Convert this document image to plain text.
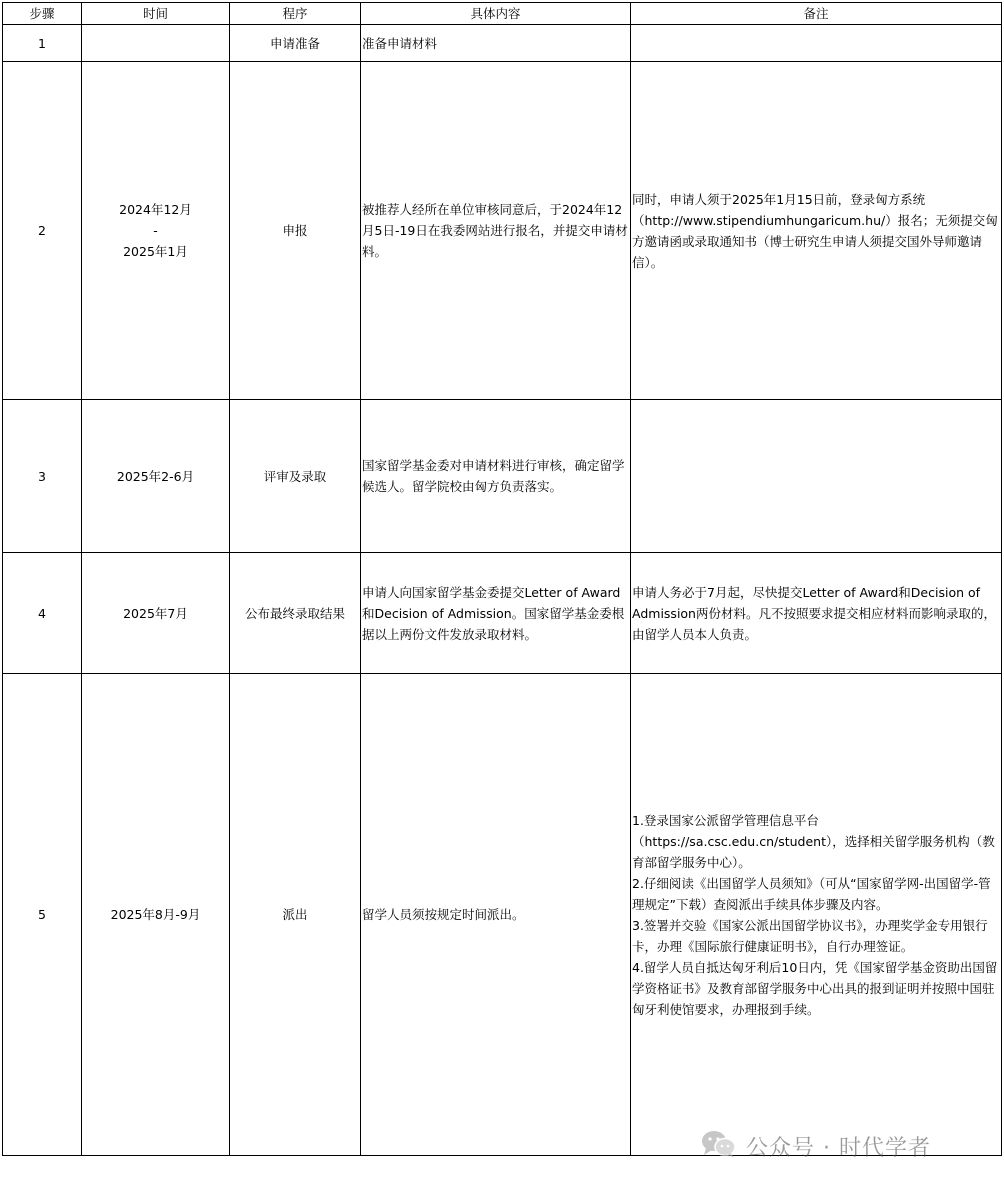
步骤	时间	程序	具体内容	备注
1		申请准备	准备申请材料	
2	2024年12月
-
2025年1月	申报	被推荐人经所在单位审核同意后，于2024年12月5日-19日在我委网站进行报名，并提交申请材料。	同时，申请人须于2025年1月15日前，登录匈方系统（http://www.stipendiumhungaricum.hu/）报名；无须提交匈方邀请函或录取通知书（博士研究生申请人须提交国外导师邀请信）。
3	2025年2-6月	评审及录取	国家留学基金委对申请材料进行审核，确定留学候选人。留学院校由匈方负责落实。	
4	2025年7月	公布最终录取结果	申请人向国家留学基金委提交Letter of Award和Decision of Admission。国家留学基金委根据以上两份文件发放录取材料。	申请人务必于7月起，尽快提交Letter of Award和Decision of Admission两份材料。凡不按照要求提交相应材料而影响录取的，由留学人员本人负责。
5	2025年8月-9月	派出	留学人员须按规定时间派出。	1.登录国家公派留学管理信息平台（https://sa.csc.edu.cn/student），选择相关留学服务机构（教育部留学服务中心）。
2.仔细阅读《出国留学人员须知》（可从“国家留学网-出国留学-管理规定”下载）查阅派出手续具体步骤及内容。
3.签署并交验《国家公派出国留学协议书》，办理奖学金专用银行卡，办理《国际旅行健康证明书》，自行办理签证。
4.留学人员自抵达匈牙利后10日内，凭《国家留学基金资助出国留学资格证书》及教育部留学服务中心出具的报到证明并按照中国驻匈牙利使馆要求，办理报到手续。
公众号 · 时代学者
